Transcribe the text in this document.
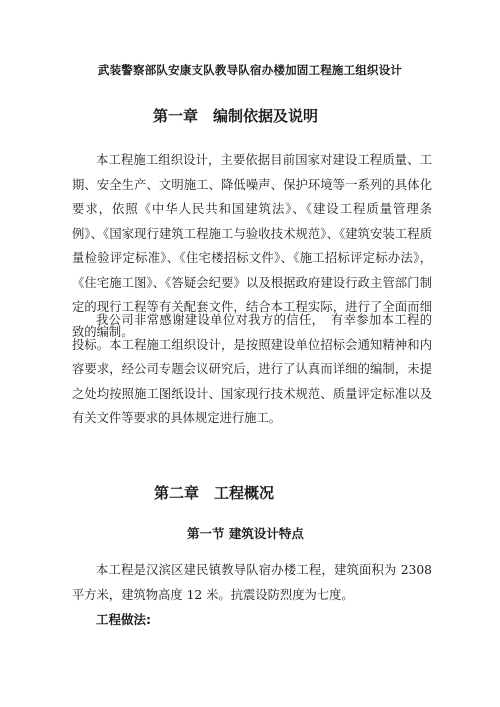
武装警察部队安康支队教导队宿办楼加固工程施工组织设计
第一章　编制依据及说明

本工程施工组织设计，主要依据目前国家对建设工程质量、工期、安全生产、文明施工、降低噪声、保护环境等一系列的具体化要求，依照《中华人民共和国建筑法》、《建设工程质量管理条例》、《国家现行建筑工程施工与验收技术规范》、《建筑安装工程质量检验评定标准》、《住宅楼招标文件》、《施工招标评定标办法》，《住宅施工图》、《答疑会纪要》以及根据政府建设行政主管部门制定的现行工程等有关配套文件，结合本工程实际，进行了全面而细致的编制。

我公司非常感谢建设单位对我方的信任，　有幸参加本工程的投标。本工程施工组织设计，是按照建设单位招标会通知精神和内容要求，经公司专题会议研究后，进行了认真而详细的编制，未提之处均按照施工图纸设计、国家现行技术规范、质量评定标准以及有关文件等要求的具体规定进行施工。

第二章　工程概况
第一节 建筑设计特点

本工程是汉滨区建民镇教导队宿办楼工程，建筑面积为 2308 平方米，建筑物高度 12 米。抗震设防烈度为七度。

工程做法:
